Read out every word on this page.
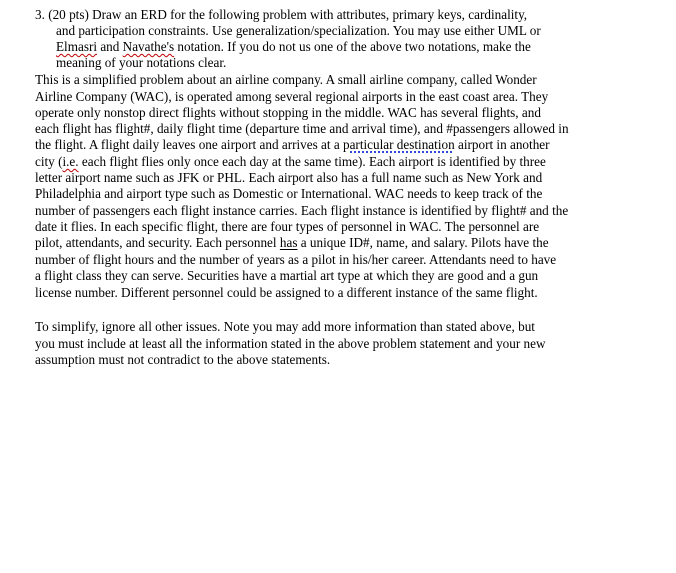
3. (20 pts) Draw an ERD for the following problem with attributes, primary keys, cardinality,
and participation constraints. Use generalization/specialization. You may use either UML or
Elmasri and Navathe's notation. If you do not us one of the above two notations, make the
meaning of your notations clear.
This is a simplified problem about an airline company. A small airline company, called Wonder
Airline Company (WAC), is operated among several regional airports in the east coast area. They
operate only nonstop direct flights without stopping in the middle. WAC has several flights, and
each flight has flight#, daily flight time (departure time and arrival time), and #passengers allowed in
the flight. A flight daily leaves one airport and arrives at a particular destination airport in another
city (i.e. each flight flies only once each day at the same time). Each airport is identified by three
letter airport name such as JFK or PHL. Each airport also has a full name such as New York and
Philadelphia and airport type such as Domestic or International. WAC needs to keep track of the
number of passengers each flight instance carries. Each flight instance is identified by flight# and the
date it flies. In each specific flight, there are four types of personnel in WAC. The personnel are
pilot, attendants, and security. Each personnel has a unique ID#, name, and salary. Pilots have the
number of flight hours and the number of years as a pilot in his/her career. Attendants need to have
a flight class they can serve. Securities have a martial art type at which they are good and a gun
license number. Different personnel could be assigned to a different instance of the same flight.
To simplify, ignore all other issues. Note you may add more information than stated above, but
you must include at least all the information stated in the above problem statement and your new
assumption must not contradict to the above statements.
